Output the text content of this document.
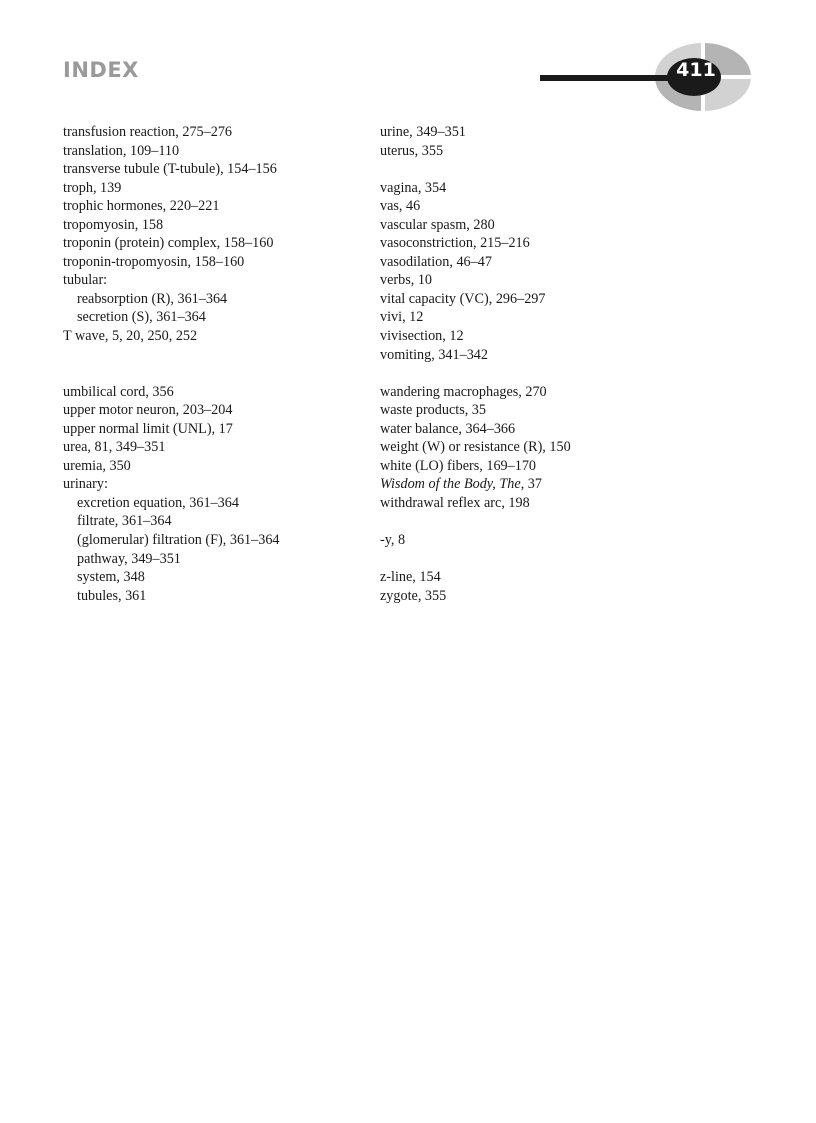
INDEX	411
transfusion reaction, 275–276
translation, 109–110
transverse tubule (T-tubule), 154–156
troph, 139
trophic hormones, 220–221
tropomyosin, 158
troponin (protein) complex, 158–160
troponin-tropomyosin, 158–160
tubular:
reabsorption (R), 361–364
secretion (S), 361–364
T wave, 5, 20, 250, 252
umbilical cord, 356
upper motor neuron, 203–204
upper normal limit (UNL), 17
urea, 81, 349–351
uremia, 350
urinary:
excretion equation, 361–364
filtrate, 361–364
(glomerular) filtration (F), 361–364
pathway, 349–351
system, 348
tubules, 361
urine, 349–351
uterus, 355
vagina, 354
vas, 46
vascular spasm, 280
vasoconstriction, 215–216
vasodilation, 46–47
verbs, 10
vital capacity (VC), 296–297
vivi, 12
vivisection, 12
vomiting, 341–342
wandering macrophages, 270
waste products, 35
water balance, 364–366
weight (W) or resistance (R), 150
white (LO) fibers, 169–170
Wisdom of the Body, The, 37
withdrawal reflex arc, 198
-y, 8
z-line, 154
zygote, 355
